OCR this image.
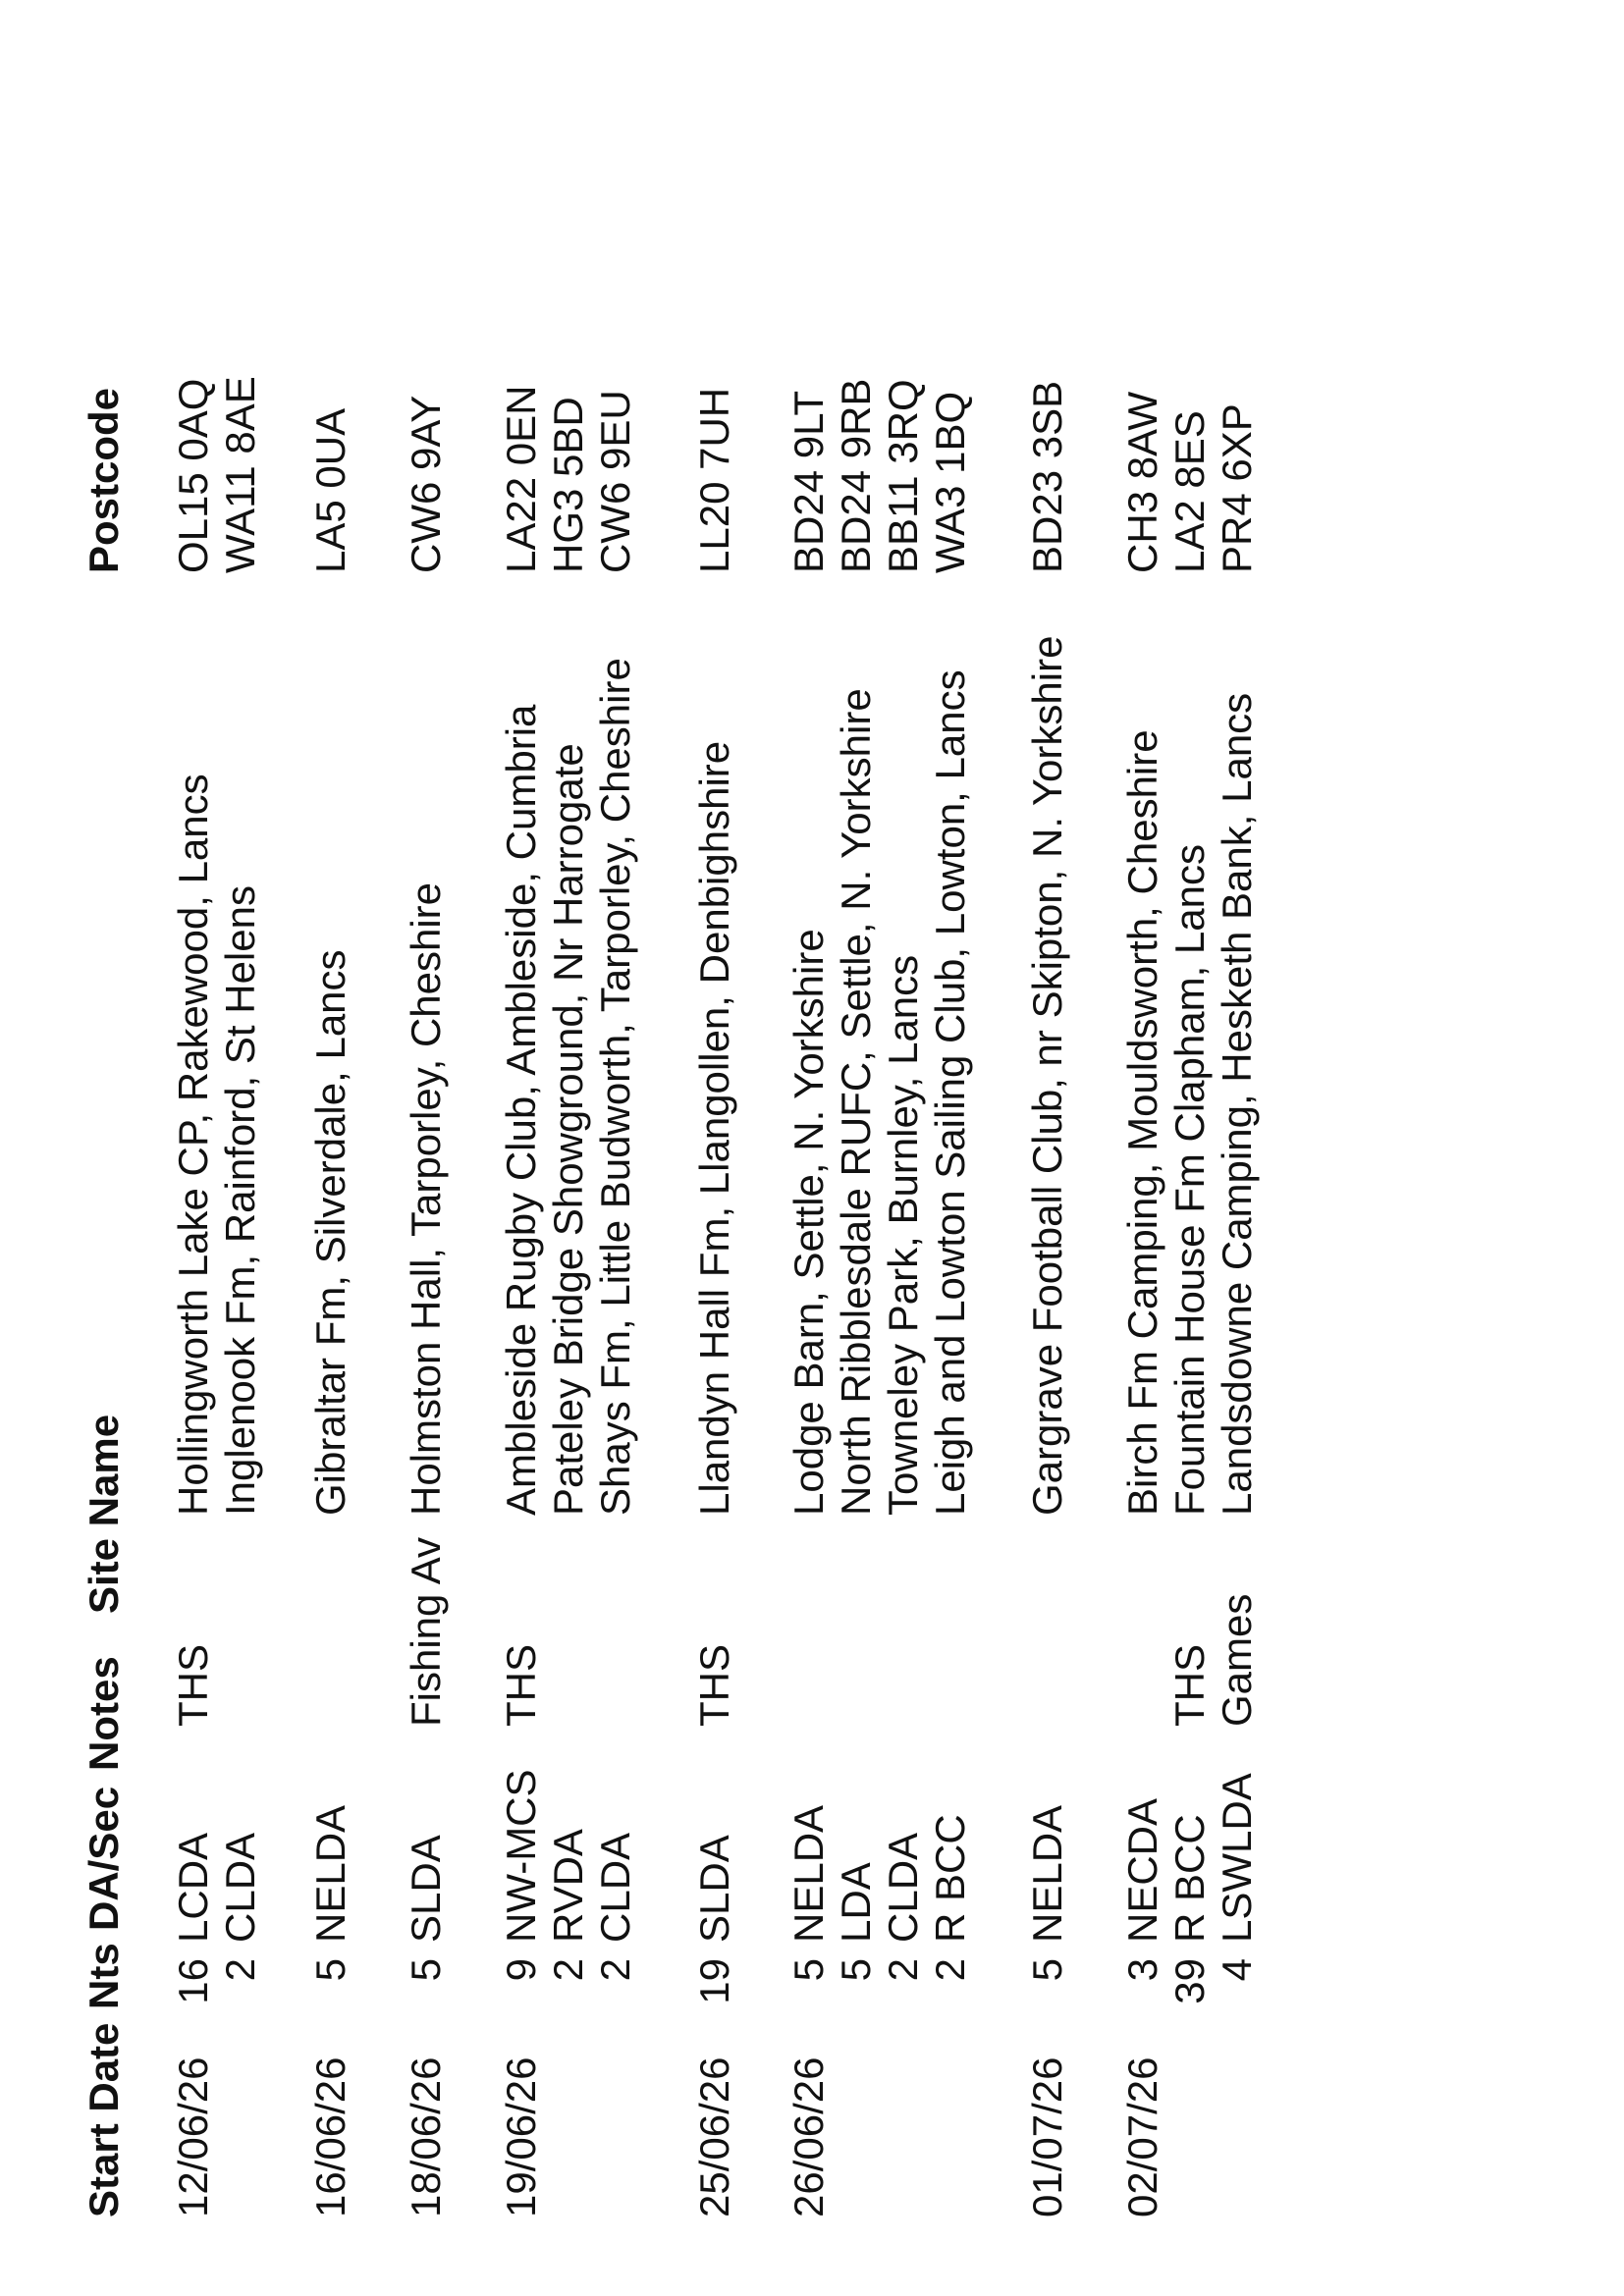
Start Date
Nts
DA/Sec
Notes
Site Name
Postcode
12/06/26
16
LCDA
THS
Hollingworth Lake CP, Rakewood, Lancs
OL15 0AQ
2
CLDA
Inglenook Fm, Rainford, St Helens
WA11 8AE
16/06/26
5
NELDA
Gibraltar Fm, Silverdale, Lancs
LA5 0UA
18/06/26
5
SLDA
Fishing Av
Holmston Hall, Tarporley, Cheshire
CW6 9AY
19/06/26
9
NW-MCS
THS
Ambleside Rugby Club, Ambleside, Cumbria
LA22 0EN
2
RVDA
Pateley Bridge Showground, Nr Harrogate
HG3 5BD
2
CLDA
Shays Fm, Little Budworth, Tarporley, Cheshire
CW6 9EU
25/06/26
19
SLDA
THS
Llandyn Hall Fm, Llangollen, Denbighshire
LL20 7UH
26/06/26
5
NELDA
Lodge Barn, Settle, N. Yorkshire
BD24 9LT
5
LDA
North Ribblesdale RUFC, Settle, N. Yorkshire
BD24 9RB
2
CLDA
Towneley Park, Burnley, Lancs
BB11 3RQ
2
R BCC
Leigh and Lowton Sailing Club, Lowton, Lancs
WA3 1BQ
01/07/26
5
NELDA
Gargrave Football Club, nr Skipton, N. Yorkshire
BD23 3SB
02/07/26
3
NECDA
Birch Fm Camping, Mouldsworth, Cheshire
CH3 8AW
39
R BCC
THS
Fountain House Fm Clapham, Lancs
LA2 8ES
4
LSWLDA
Games
Landsdowne Camping, Hesketh Bank, Lancs
PR4 6XP
